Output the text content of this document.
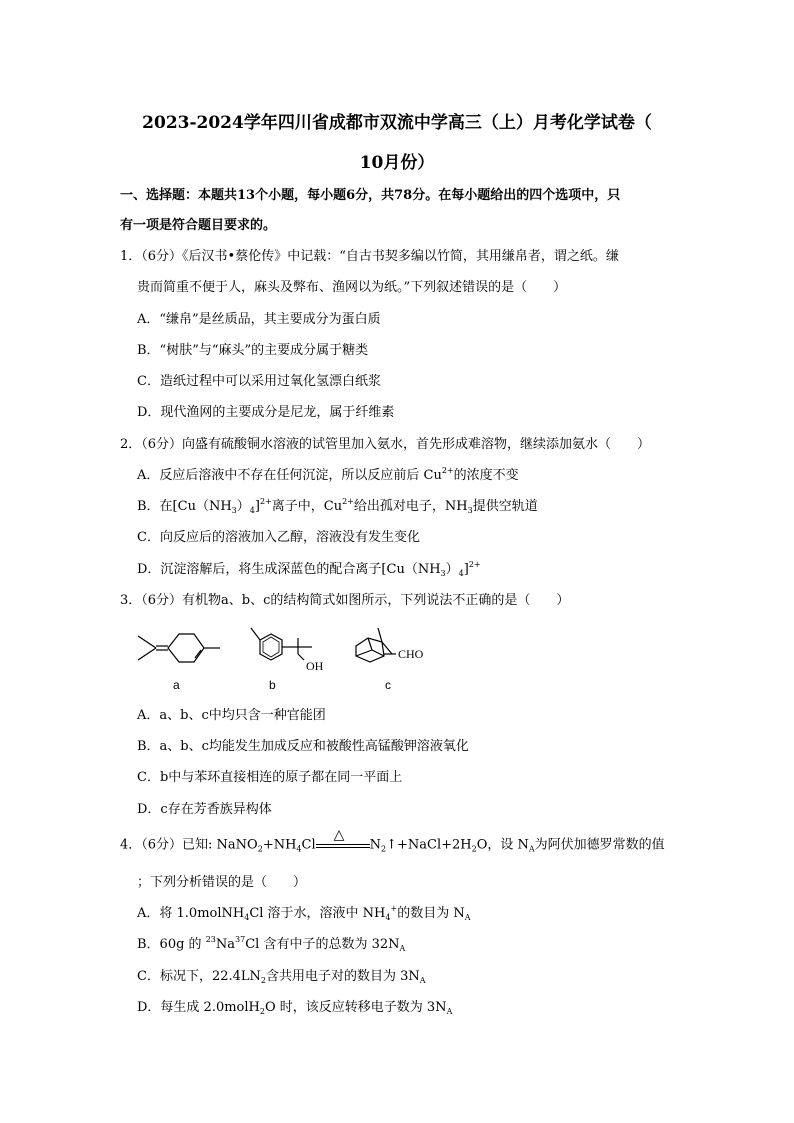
2023-2024学年四川省成都市双流中学高三（上）月考化学试卷（
10月份）
一、选择题：本题共13个小题，每小题6分，共78分。在每小题给出的四个选项中，只
有一项是符合题目要求的。
1．（6分）《后汉书•蔡伦传》中记载：“自古书契多编以竹简，其用缣帛者，谓之纸。缣
贵而简重不便于人，麻头及弊布、渔网以为纸。”下列叙述错误的是（　　）
A．“缣帛”是丝质品，其主要成分为蛋白质
B．“树肤”与“麻头”的主要成分属于糖类
C．造纸过程中可以采用过氧化氢漂白纸浆
D．现代渔网的主要成分是尼龙，属于纤维素
2．（6分）向盛有硫酸铜水溶液的试管里加入氨水，首先形成难溶物，继续添加氨水（　　）
A．反应后溶液中不存在任何沉淀，所以反应前后 $Cu^{2+}$的浓度不变
B．在$[Cu(NH_3)_4]^{2+}$离子中，$Cu^{2+}$给出孤对电子，$NH_3$提供空轨道
C．向反应后的溶液加入乙醇，溶液没有发生变化
D．沉淀溶解后，将生成深蓝色的配合离子$[Cu(NH_3)_4]^{2+}$
3．（6分）有机物a、b、c的结构简式如图所示，下列说法不正确的是（　　）
OH
CHO
a	b	c
A．a、b、c中均只含一种官能团
B．a、b、c均能发生加成反应和被酸性高锰酸钾溶液氧化
C．b中与苯环直接相连的原子都在同一平面上
D．c存在芳香族异构体
4．（6分）已知: $NaNO_2+NH_4Cl$
△
$N_2↑+NaCl+2H_2O$，设 $N_A$为阿伏加德罗常数的值
；下列分析错误的是（　　）
A．将 1.0molNH$_4$Cl 溶于水，溶液中 $NH_4^+$的数目为 $N_A$
B．60g 的 $^{23}$Na$^{37}$Cl 含有中子的总数为 $32N_A$
C．标况下，$22.4LN_2$含共用电子对的数目为 $3N_A$
D．每生成 2.0molH$_2$O 时，该反应转移电子数为 $3N_A$
